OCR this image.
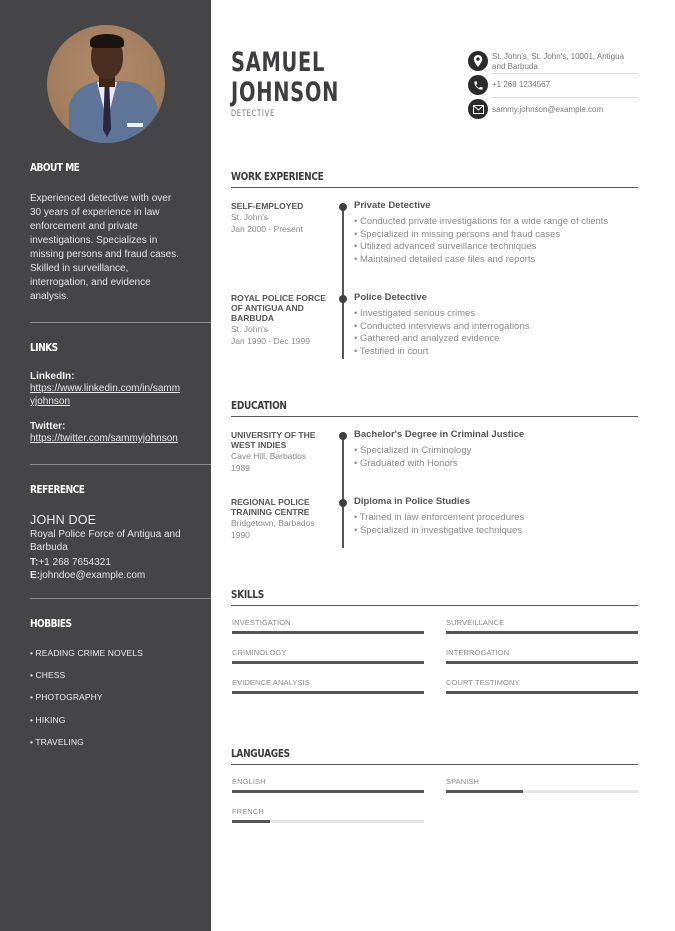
ABOUT ME
Experienced detective with over 30 years of experience in law enforcement and private investigations. Specializes in missing persons and fraud cases. Skilled in surveillance, interrogation, and evidence analysis.
LINKS
LinkedIn:
https://www.linkedin.com/in/sammyjohnson
Twitter:
https://twitter.com/sammyjohnson
REFERENCE
JOHN DOE
Royal Police Force of Antigua and Barbuda
T:+1 268 7654321
E:johndoe@example.com
HOBBIES
• READING CRIME NOVELS
• CHESS
• PHOTOGRAPHY
• HIKING
• TRAVELING
SAMUEL
JOHNSON
DETECTIVE
St. John's, St. John's, 10001, Antigua and Barbuda
+1 268 1234567
sammy.johnson@example.com
WORK EXPERIENCE
SELF-EMPLOYED
St. John's
Jan 2000 - Present
Private Detective
• Conducted private investigations for a wide range of clients
• Specialized in missing persons and fraud cases
• Utilized advanced surveillance techniques
• Maintained detailed case files and reports
ROYAL POLICE FORCE OF ANTIGUA AND BARBUDA
St. John's
Jan 1990 - Dec 1999
Police Detective
• Investigated serious crimes
• Conducted interviews and interrogations
• Gathered and analyzed evidence
• Testified in court
EDUCATION
UNIVERSITY OF THE WEST INDIES
Cave Hill, Barbados
1989
Bachelor's Degree in Criminal Justice
• Specialized in Criminology
• Graduated with Honors
REGIONAL POLICE TRAINING CENTRE
Bridgetown, Barbados
1990
Diploma in Police Studies
• Trained in law enforcement procedures
• Specialized in investigative techniques
SKILLS
INVESTIGATION	SURVEILLANCE
CRIMINOLOGY	INTERROGATION
EVIDENCE ANALYSIS	COURT TESTIMONY
LANGUAGES
ENGLISH	SPANISH
FRENCH
